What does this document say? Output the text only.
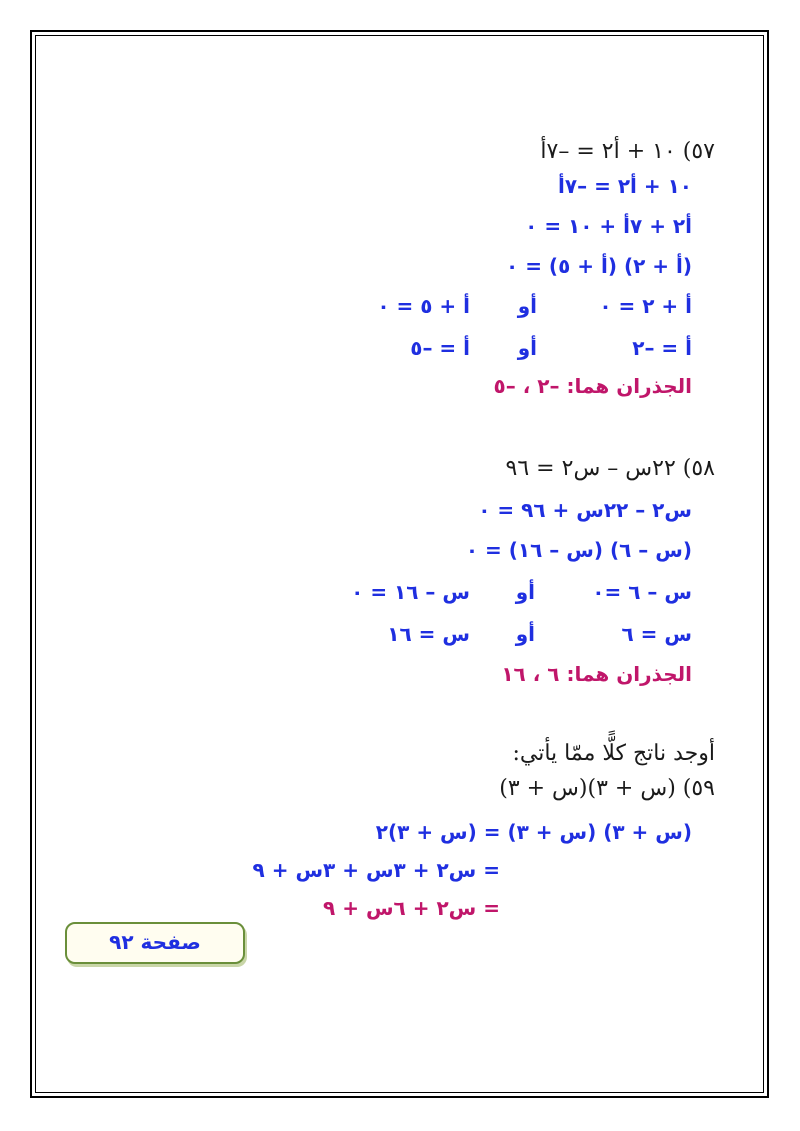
٥٧) ١٠ + أ٢ = –٧أ
١٠ + أ٢ = –٧أ
أ٢ + ٧أ + ١٠ = ٠
(أ + ٢) (أ + ٥) = ٠
أ + ٢ = ٠
أو
أ + ٥ = ٠
أ = –٢
أو
أ = –٥
الجذران هما: –٢ ، –٥
٥٨) ٢٢س – س٢ = ٩٦
س٢ – ٢٢س + ٩٦ = ٠
(س – ٦) (س – ١٦) = ٠
س – ٦ =٠
أو
س – ١٦ = ٠
س = ٦
أو
س = ١٦
الجذران هما: ٦ ، ١٦
أوجد ناتج كلًّا ممّا يأتي:
٥٩) (س + ٣)(س + ٣)
(س + ٣) (س + ٣) = (س + ٣)٢
= س٢ + ٣س + ٣س + ٩
= س٢ + ٦س + ٩
صفحة ٩٢
